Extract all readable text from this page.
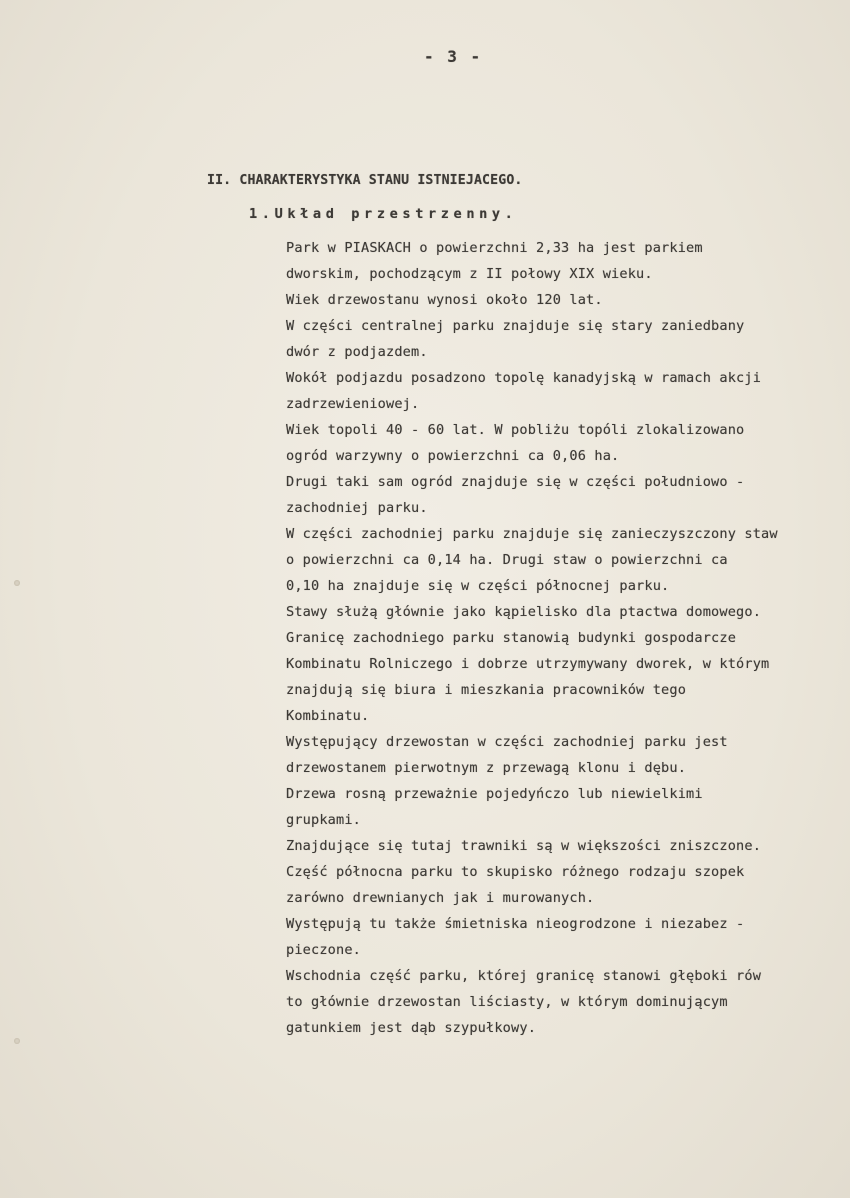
- 3 -
II. CHARAKTERYSTYKA STANU ISTNIEJACEGO.
1.Układ przestrzenny.
Park w PIASKACH o powierzchni 2,33 ha jest parkiem
dworskim, pochodzącym z II połowy XIX wieku.
Wiek drzewostanu wynosi około 120 lat.
W części centralnej parku znajduje się stary zaniedbany
dwór z podjazdem.
Wokół podjazdu posadzono topolę kanadyjską w ramach akcji
zadrzewieniowej.
Wiek topoli 40 - 60 lat. W pobliżu topóli zlokalizowano
ogród warzywny o powierzchni ca 0,06 ha.
Drugi taki sam ogród znajduje się w części południowo -
zachodniej parku.
W części zachodniej parku znajduje się zanieczyszczony staw
o powierzchni ca 0,14 ha. Drugi staw o powierzchni ca
0,10 ha znajduje się w części północnej parku.
Stawy służą głównie jako kąpielisko dla ptactwa domowego.
Granicę zachodniego parku stanowią budynki gospodarcze
Kombinatu Rolniczego i dobrze utrzymywany dworek, w którym
znajdują się biura i mieszkania pracowników tego
Kombinatu.
Występujący drzewostan w części zachodniej parku jest
drzewostanem pierwotnym z przewagą klonu i dębu.
Drzewa rosną przeważnie pojedyńczo lub niewielkimi
grupkami.
Znajdujące się tutaj trawniki są w większości zniszczone.
Część północna parku to skupisko różnego rodzaju szopek
zarówno drewnianych jak i murowanych.
Występują tu także śmietniska nieogrodzone i niezabez -
pieczone.
Wschodnia część parku, której granicę stanowi głęboki rów
to głównie drzewostan liściasty, w którym dominującym
gatunkiem jest dąb szypułkowy.
